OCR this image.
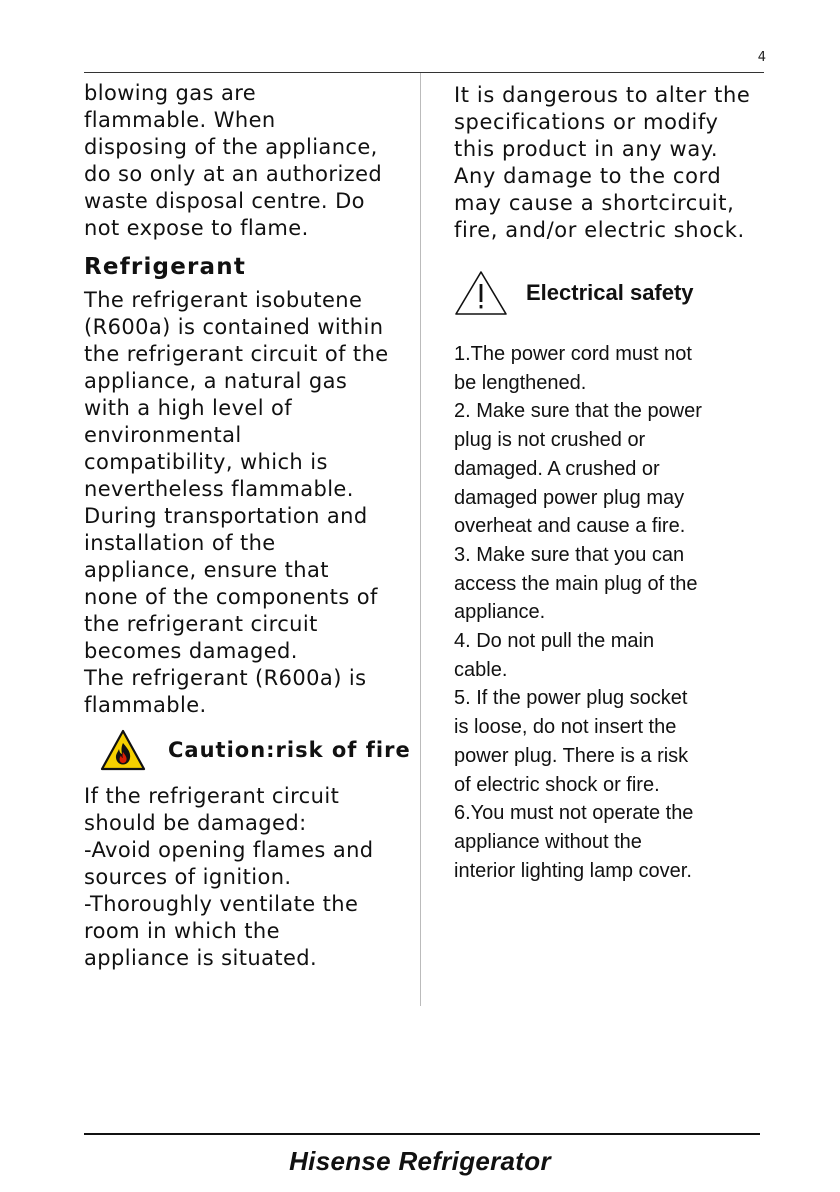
4
blowing gas are
flammable. When
disposing of the appliance,
do so only at an authorized
waste disposal centre. Do
not expose to flame.
Refrigerant
The refrigerant isobutene
(R600a) is contained within
the refrigerant circuit of the
appliance, a natural gas
with a high level of
environmental
compatibility, which is
nevertheless flammable.
During transportation and
installation of the
appliance, ensure that
none of the components of
the refrigerant circuit
becomes damaged.
The refrigerant (R600a) is
flammable.
Caution:risk of fire
If the refrigerant circuit
should be damaged:
-Avoid opening flames and
sources of ignition.
-Thoroughly ventilate the
room in which the
appliance is situated.
It is dangerous to alter the
specifications or modify
this product in any way.
Any damage to the cord
may cause a shortcircuit,
fire, and/or electric shock.
Electrical safety
1.The power cord must not
be lengthened.
2. Make sure that the power
plug is not crushed or
damaged. A crushed or
damaged power plug may
overheat and cause a fire.
3. Make sure that you can
access the main plug of the
appliance.
4. Do not pull the main
cable.
5. If the power plug socket
is loose, do not insert the
power plug. There is a risk
of electric shock or fire.
6.You must not operate the
appliance without the
interior lighting lamp cover.
Hisense Refrigerator
